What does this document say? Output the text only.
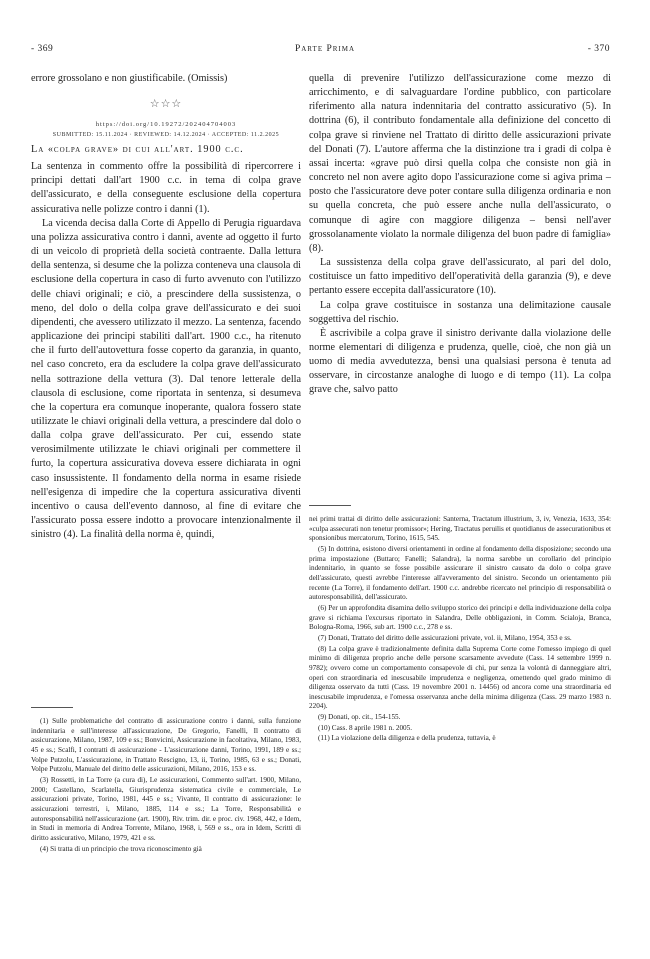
- 369	Parte Prima	- 370

errore grossolano e non giustificabile. (Omissis)

☆☆☆
https://doi.org/10.19272/202404704003
SUBMITTED: 15.11.2024 · REVIEWED: 14.12.2024 · ACCEPTED: 11.2.2025
La «colpa grave» di cui all'art. 1900 c.c.

La sentenza in commento offre la possibilità di ripercorrere i principi dettati dall'art 1900 c.c. in tema di colpa grave dell'assicurato, e della conseguente esclusione della copertura assicurativa nelle polizze contro i danni (1).

La vicenda decisa dalla Corte di Appello di Perugia riguardava una polizza assicurativa contro i danni, avente ad oggetto il furto di un veicolo di proprietà della società contraente. Dalla lettura della sentenza, si desume che la polizza conteneva una clausola di esclusione della copertura in caso di furto avvenuto con l'utilizzo delle chiavi originali; e ciò, a prescindere della sussistenza, o meno, del dolo o della colpa grave dell'assicurato e dei suoi dipendenti, che avessero utilizzato il mezzo. La sentenza, facendo applicazione dei principi stabiliti dall'art. 1900 c.c., ha ritenuto che il furto dell'autovettura fosse coperto da garanzia, in quanto, nel caso concreto, era da escludere la colpa grave dell'assicurato nella sottrazione della vettura (3). Dal tenore letterale della clausola di esclusione, come riportata in sentenza, si desumeva che la copertura era comunque inoperante, qualora fossero state utilizzate le chiavi originali della vettura, a prescindere dal dolo o dalla colpa grave dell'assicurato. Per cui, essendo state verosimilmente utilizzate le chiavi originali per commettere il furto, la copertura assicurativa doveva essere dichiarata in ogni caso insussistente. Il fondamento della norma in esame risiede nell'esigenza di impedire che la copertura assicurativa diventi incentivo o causa dell'evento dannoso, al fine di evitare che l'assicurato possa essere indotto a provocare intenzionalmente il sinistro (4). La finalità della norma è, quindi,

(1) Sulle problematiche del contratto di assicurazione contro i danni, sulla funzione indennitaria e sull'interesse all'assicurazione, De Gregorio, Fanelli, Il contratto di assicurazione, Milano, 1987, 109 e ss.; Bonvicini, Assicurazione in facoltativa, Milano, 1983, 45 e ss.; Scalfi, I contratti di assicurazione - L'assicurazione danni, Torino, 1991, 189 e ss.; Volpe Putzolu, L'assicurazione, in Trattato Rescigno, 13, ii, Torino, 1985, 63 e ss.; Donati, Volpe Putzolu, Manuale del diritto delle assicurazioni, Milano, 2016, 153 e ss.

(3) Rossetti, in La Torre (a cura di), Le assicurazioni, Commento sull'art. 1900, Milano, 2000; Castellano, Scarlatella, Giurisprudenza sistematica civile e commerciale, Le assicurazioni private, Torino, 1981, 445 e ss.; Vivante, Il contratto di assicurazione: le assicurazioni terrestri, i, Milano, 1885, 114 e ss.; La Torre, Responsabilità e autoresponsabilità nell'assicurazione (art. 1900), Riv. trim. dir. e proc. civ. 1968, 442, e Idem, in Studi in memoria di Andrea Torrente, Milano, 1968, i, 569 e ss., ora in Idem, Scritti di diritto assicurativo, Milano, 1979, 421 e ss.

(4) Si tratta di un principio che trova riconoscimento già

quella di prevenire l'utilizzo dell'assicurazione come mezzo di arricchimento, e di salvaguardare l'ordine pubblico, con particolare riferimento alla natura indennitaria del contratto assicurativo (5). In dottrina (6), il contributo fondamentale alla definizione del concetto di colpa grave si rinviene nel Trattato di diritto delle assicurazioni private del Donati (7). L'autore afferma che la distinzione tra i gradi di colpa è assai incerta: «grave può dirsi quella colpa che consiste non già in concreto nel non avere agito dopo l'assicurazione come si agiva prima – posto che l'assicuratore deve poter contare sulla diligenza ordinaria e non su quella concreta, che può essere anche nulla dell'assicurato, o comunque di agire con maggiore diligenza – bensì nell'aver grossolanamente violato la normale diligenza del buon padre di famiglia» (8).

La sussistenza della colpa grave dell'assicurato, al pari del dolo, costituisce un fatto impeditivo dell'operatività della garanzia (9), e deve pertanto essere eccepita dall'assicuratore (10).

La colpa grave costituisce in sostanza una delimitazione causale soggettiva del rischio.

È ascrivibile a colpa grave il sinistro derivante dalla violazione delle norme elementari di diligenza e prudenza, quelle, cioè, che non già un uomo di media avvedutezza, bensì una qualsiasi persona è tenuta ad osservare, in circostanze analoghe di luogo e di tempo (11). La colpa grave che, salvo patto

nei primi trattai di diritto delle assicurazioni: Santerna, Tractatum illustrium, 3, iv, Venezia, 1633, 354: «culpa assecurati non tenetur promissor»; Hering, Tractatus peruilis et quotidianus de assecurationibus et sponsionibus mercatorum, Torino, 1615, 545.

(5) In dottrina, esistono diversi orientamenti in ordine al fondamento della disposizione; secondo una prima impostazione (Buttaro; Fanelli; Salandra), la norma sarebbe un corollario del principio indennitario, in quanto se fosse possibile assicurare il sinistro causato da dolo o colpa grave dell'assicurato, questi avrebbe l'interesse all'avveramento del sinistro. Secondo un orientamento più recente (La Torre), il fondamento dell'art. 1900 c.c. andrebbe ricercato nel principio di responsabilità o autoresponsabilità, dell'assicurato.

(6) Per un approfondita disamina dello sviluppo storico dei principi e della individuazione della colpa grave si richiama l'excursus riportato in Salandra, Delle obbligazioni, in Comm. Scialoja, Branca, Bologna-Roma, 1966, sub art. 1900 c.c., 278 e ss.

(7) Donati, Trattato del diritto delle assicurazioni private, vol. ii, Milano, 1954, 353 e ss.

(8) La colpa grave è tradizionalmente definita dalla Suprema Corte come l'omesso impiego di quel minimo di diligenza proprio anche delle persone scarsamente avvedute (Cass. 14 settembre 1999 n. 9782); ovvero come un comportamento consapevole di chi, pur senza la volontà di danneggiare altri, operi con straordinaria ed inescusabile imprudenza e negligenza, omettendo quel grado minimo di diligenza osservato da tutti (Cass. 19 novembre 2001 n. 14456) od ancora come una straordinaria ed inescusabile imprudenza, e l'omessa osservanza anche della minima diligenza (Cass. 29 marzo 1983 n. 2204).

(9) Donati, op. cit., 154-155.

(10) Cass. 8 aprile 1981 n. 2005.

(11) La violazione della diligenza e della prudenza, tuttavia, è
